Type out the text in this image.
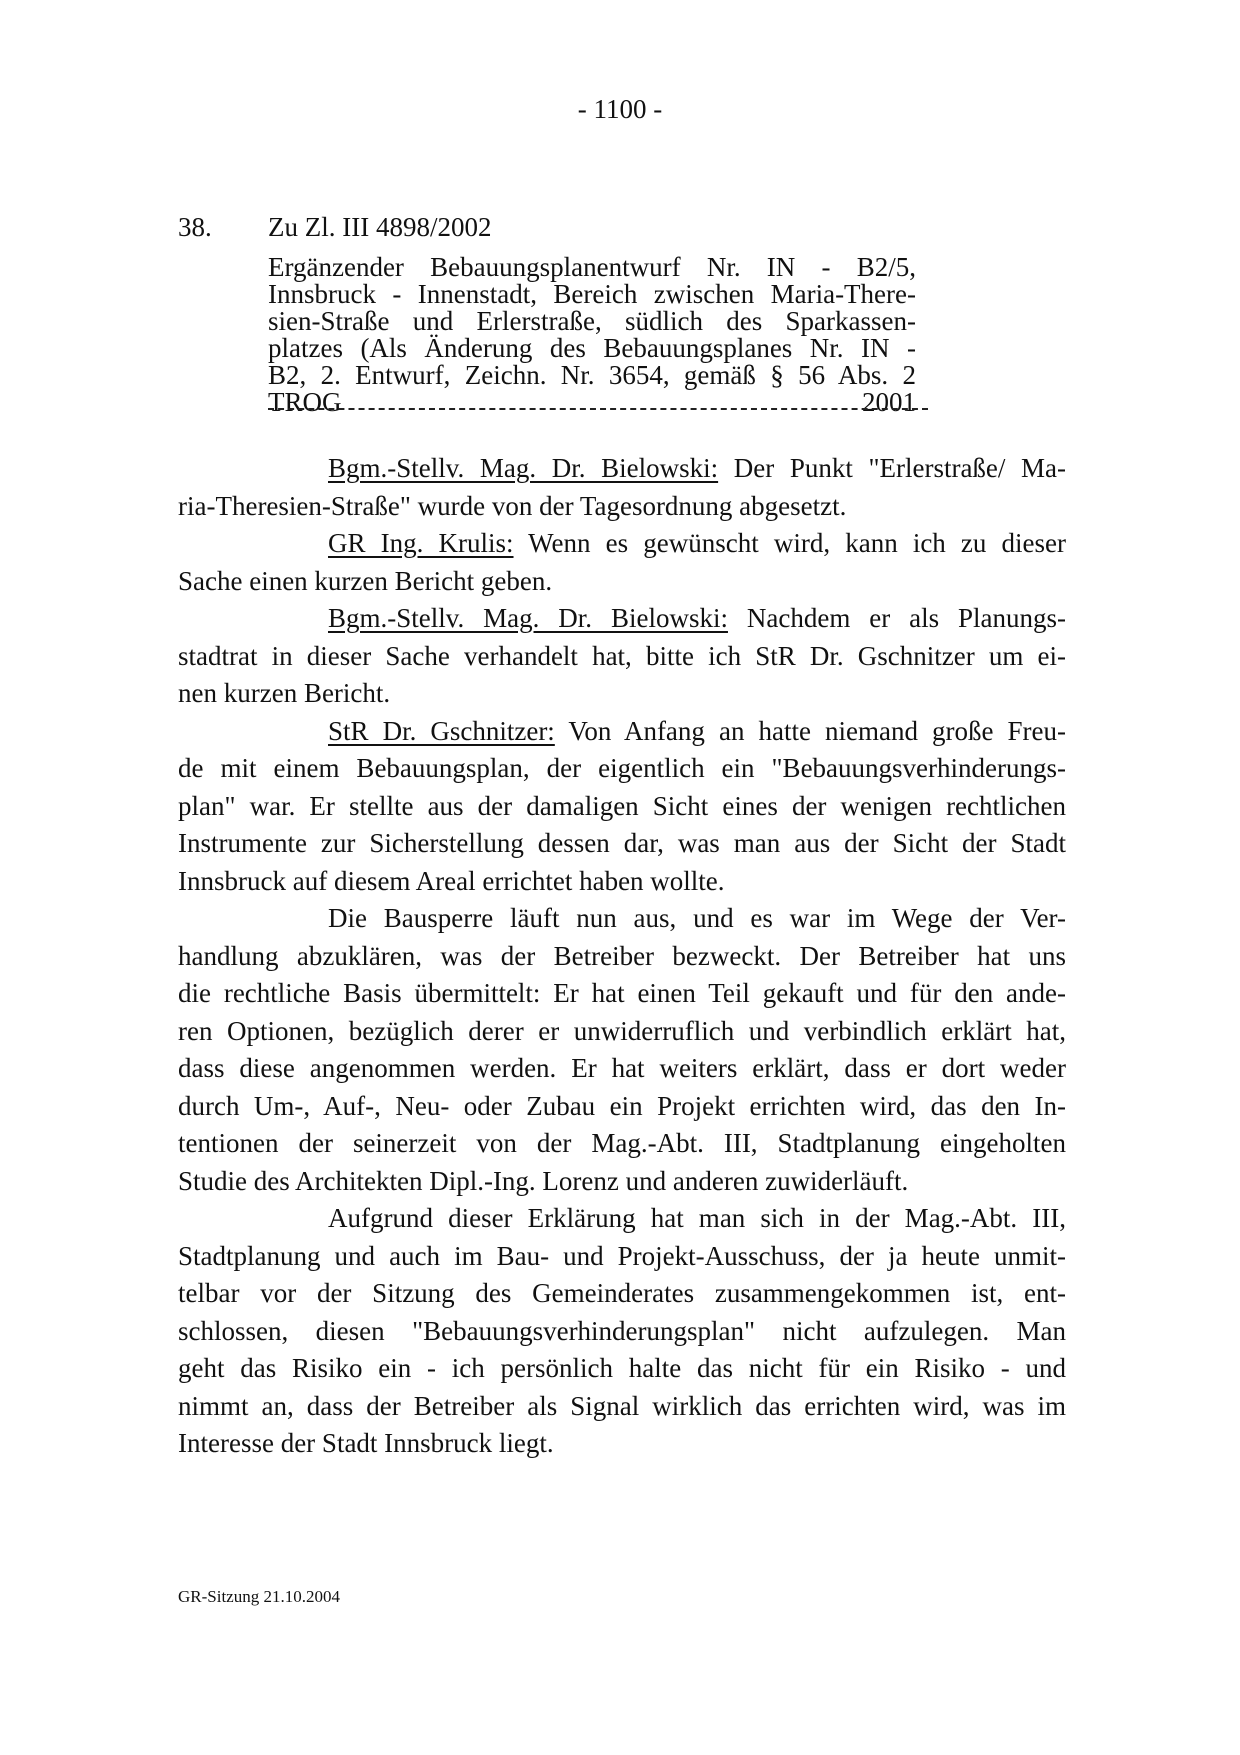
- 1100 -
38. Zu Zl. III 4898/2002
Ergänzender Bebauungsplanentwurf Nr. IN - B2/5,
Innsbruck - Innenstadt, Bereich zwischen Maria-There-
sien-Straße und Erlerstraße, südlich des Sparkassen-
platzes (Als Änderung des Bebauungsplanes Nr. IN -
B2, 2. Entwurf, Zeichn. Nr. 3654, gemäß § 56 Abs. 2
TROG 2001
Bgm.-Stellv. Mag. Dr. Bielowski: Der Punkt "Erlerstraße/ Ma-
ria-Theresien-Straße" wurde von der Tagesordnung abgesetzt.
GR Ing. Krulis: Wenn es gewünscht wird, kann ich zu dieser
Sache einen kurzen Bericht geben.
Bgm.-Stellv. Mag. Dr. Bielowski: Nachdem er als Planungs-
stadtrat in dieser Sache verhandelt hat, bitte ich StR Dr. Gschnitzer um ei-
nen kurzen Bericht.
StR Dr. Gschnitzer: Von Anfang an hatte niemand große Freu-
de mit einem Bebauungsplan, der eigentlich ein "Bebauungsverhinderungs-
plan" war. Er stellte aus der damaligen Sicht eines der wenigen rechtlichen
Instrumente zur Sicherstellung dessen dar, was man aus der Sicht der Stadt
Innsbruck auf diesem Areal errichtet haben wollte.
Die Bausperre läuft nun aus, und es war im Wege der Ver-
handlung abzuklären, was der Betreiber bezweckt. Der Betreiber hat uns
die rechtliche Basis übermittelt: Er hat einen Teil gekauft und für den ande-
ren Optionen, bezüglich derer er unwiderruflich und verbindlich erklärt hat,
dass diese angenommen werden. Er hat weiters erklärt, dass er dort weder
durch Um-, Auf-, Neu- oder Zubau ein Projekt errichten wird, das den In-
tentionen der seinerzeit von der Mag.-Abt. III, Stadtplanung eingeholten
Studie des Architekten Dipl.-Ing. Lorenz und anderen zuwiderläuft.
Aufgrund dieser Erklärung hat man sich in der Mag.-Abt. III,
Stadtplanung und auch im Bau- und Projekt-Ausschuss, der ja heute unmit-
telbar vor der Sitzung des Gemeinderates zusammengekommen ist, ent-
schlossen, diesen "Bebauungsverhinderungsplan" nicht aufzulegen. Man
geht das Risiko ein - ich persönlich halte das nicht für ein Risiko - und
nimmt an, dass der Betreiber als Signal wirklich das errichten wird, was im
Interesse der Stadt Innsbruck liegt.
GR-Sitzung 21.10.2004
